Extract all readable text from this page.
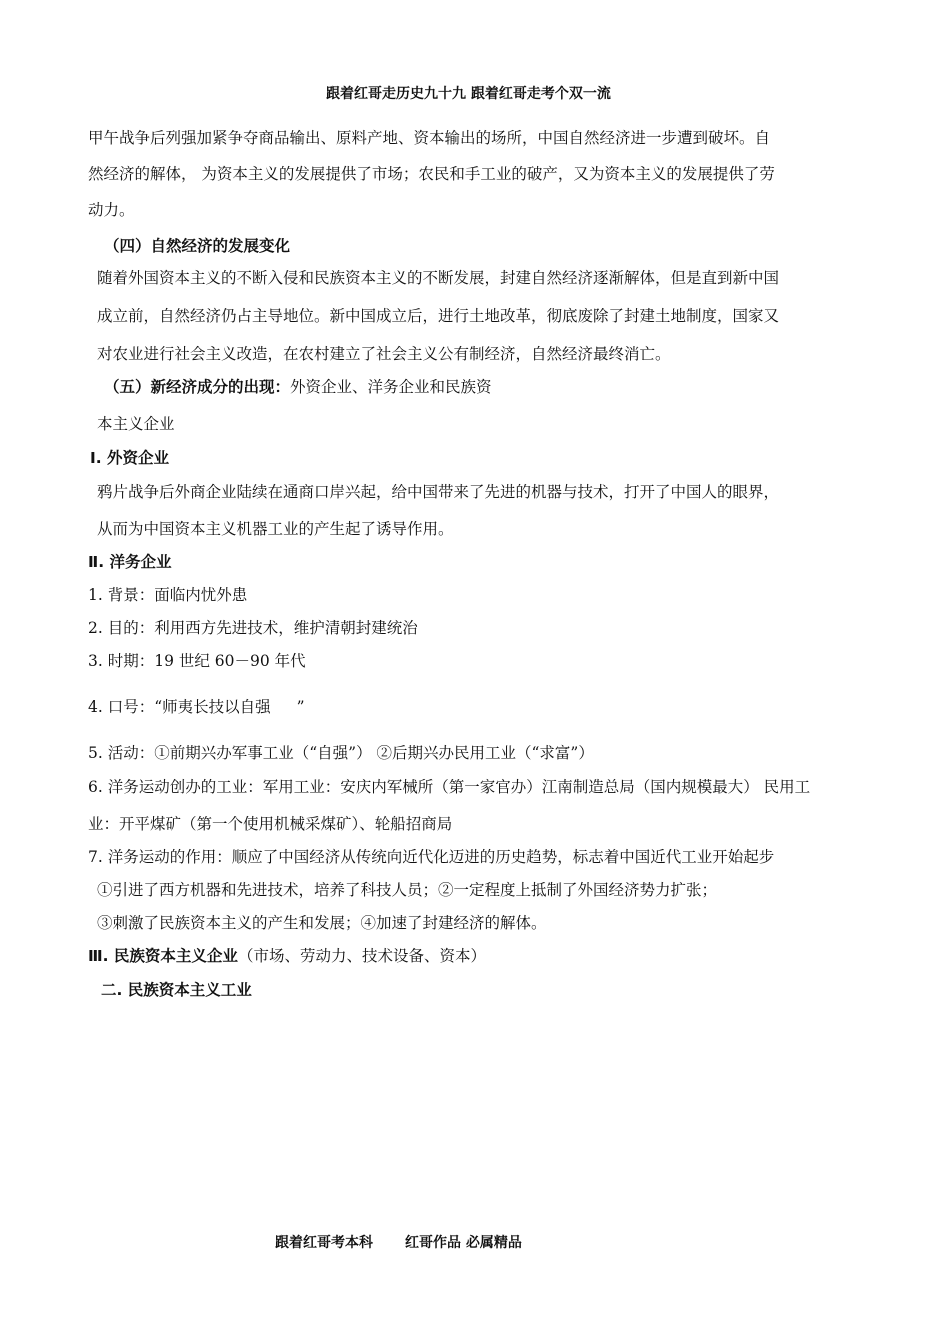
跟着红哥走历史九十九 跟着红哥走考个双一流
甲午战争后列强加紧争夺商品输出、原料产地、资本输出的场所，中国自然经济进一步遭到破坏。自
然经济的解体， 为资本主义的发展提供了市场；农民和手工业的破产，又为资本主义的发展提供了劳
动力。
（四）自然经济的发展变化
随着外国资本主义的不断入侵和民族资本主义的不断发展，封建自然经济逐渐解体，但是直到新中国
成立前，自然经济仍占主导地位。新中国成立后，进行土地改革，彻底废除了封建土地制度，国家又
对农业进行社会主义改造，在农村建立了社会主义公有制经济，自然经济最终消亡。
（五）新经济成分的出现：外资企业、洋务企业和民族资
本主义企业
Ⅰ. 外资企业
鸦片战争后外商企业陆续在通商口岸兴起，给中国带来了先进的机器与技术，打开了中国人的眼界，
从而为中国资本主义机器工业的产生起了诱导作用。
Ⅱ. 洋务企业
1. 背景：面临内忧外患
2. 目的：利用西方先进技术，维护清朝封建统治
3. 时期：19 世纪 60－90 年代
4. 口号：“师夷长技以自强 ”
5. 活动：①前期兴办军事工业（“自强”） ②后期兴办民用工业（“求富”）
6. 洋务运动创办的工业：军用工业：安庆内军械所（第一家官办）江南制造总局（国内规模最大） 民用工
业：开平煤矿（第一个使用机械采煤矿）、轮船招商局
7. 洋务运动的作用：顺应了中国经济从传统向近代化迈进的历史趋势，标志着中国近代工业开始起步
①引进了西方机器和先进技术，培养了科技人员；②一定程度上抵制了外国经济势力扩张；
③刺激了民族资本主义的产生和发展；④加速了封建经济的解体。
Ⅲ. 民族资本主义企业（市场、劳动力、技术设备、资本）
二. 民族资本主义工业
跟着红哥考本科 红哥作品 必属精品
